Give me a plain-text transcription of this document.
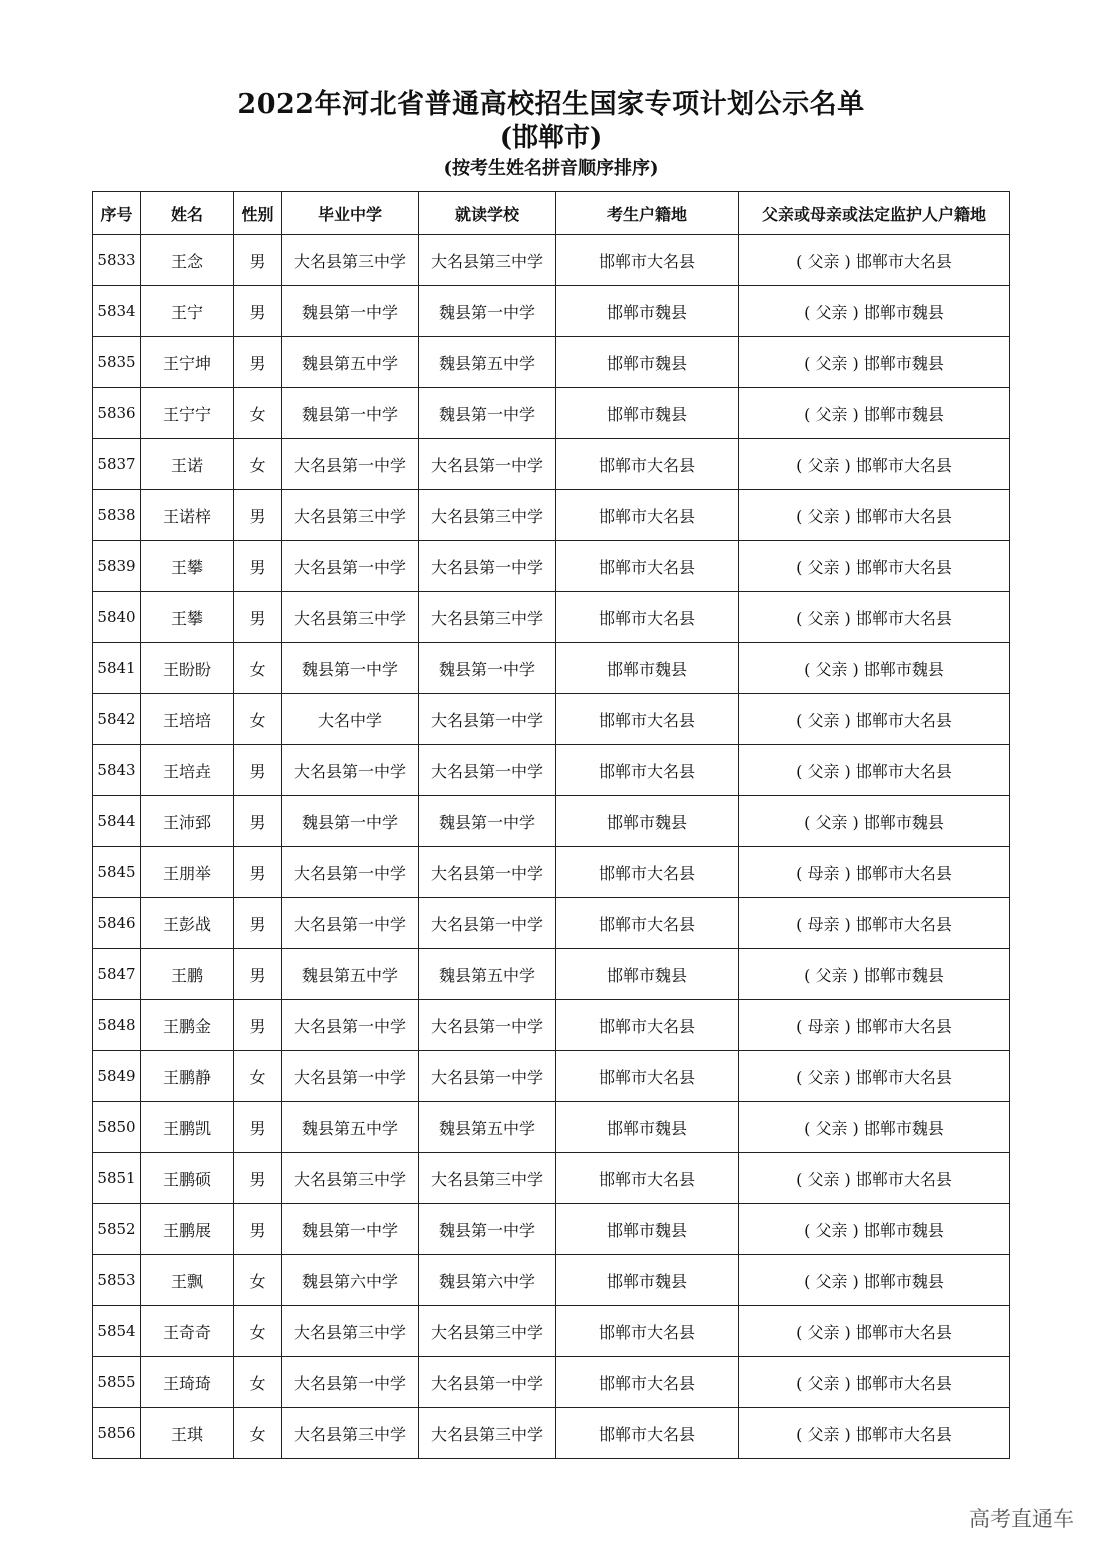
2022年河北省普通高校招生国家专项计划公示名单
(邯郸市)
(按考生姓名拼音顺序排序)
序号	姓名	性别	毕业中学	就读学校	考生户籍地	父亲或母亲或法定监护人户籍地
5833	王念	男	大名县第三中学	大名县第三中学	邯郸市大名县	( 父亲 ) 邯郸市大名县
5834	王宁	男	魏县第一中学	魏县第一中学	邯郸市魏县	( 父亲 ) 邯郸市魏县
5835	王宁坤	男	魏县第五中学	魏县第五中学	邯郸市魏县	( 父亲 ) 邯郸市魏县
5836	王宁宁	女	魏县第一中学	魏县第一中学	邯郸市魏县	( 父亲 ) 邯郸市魏县
5837	王诺	女	大名县第一中学	大名县第一中学	邯郸市大名县	( 父亲 ) 邯郸市大名县
5838	王诺梓	男	大名县第三中学	大名县第三中学	邯郸市大名县	( 父亲 ) 邯郸市大名县
5839	王攀	男	大名县第一中学	大名县第一中学	邯郸市大名县	( 父亲 ) 邯郸市大名县
5840	王攀	男	大名县第三中学	大名县第三中学	邯郸市大名县	( 父亲 ) 邯郸市大名县
5841	王盼盼	女	魏县第一中学	魏县第一中学	邯郸市魏县	( 父亲 ) 邯郸市魏县
5842	王培培	女	大名中学	大名县第一中学	邯郸市大名县	( 父亲 ) 邯郸市大名县
5843	王培垚	男	大名县第一中学	大名县第一中学	邯郸市大名县	( 父亲 ) 邯郸市大名县
5844	王沛郅	男	魏县第一中学	魏县第一中学	邯郸市魏县	( 父亲 ) 邯郸市魏县
5845	王朋举	男	大名县第一中学	大名县第一中学	邯郸市大名县	( 母亲 ) 邯郸市大名县
5846	王彭战	男	大名县第一中学	大名县第一中学	邯郸市大名县	( 母亲 ) 邯郸市大名县
5847	王鹏	男	魏县第五中学	魏县第五中学	邯郸市魏县	( 父亲 ) 邯郸市魏县
5848	王鹏金	男	大名县第一中学	大名县第一中学	邯郸市大名县	( 母亲 ) 邯郸市大名县
5849	王鹏静	女	大名县第一中学	大名县第一中学	邯郸市大名县	( 父亲 ) 邯郸市大名县
5850	王鹏凯	男	魏县第五中学	魏县第五中学	邯郸市魏县	( 父亲 ) 邯郸市魏县
5851	王鹏硕	男	大名县第三中学	大名县第三中学	邯郸市大名县	( 父亲 ) 邯郸市大名县
5852	王鹏展	男	魏县第一中学	魏县第一中学	邯郸市魏县	( 父亲 ) 邯郸市魏县
5853	王飘	女	魏县第六中学	魏县第六中学	邯郸市魏县	( 父亲 ) 邯郸市魏县
5854	王奇奇	女	大名县第三中学	大名县第三中学	邯郸市大名县	( 父亲 ) 邯郸市大名县
5855	王琦琦	女	大名县第一中学	大名县第一中学	邯郸市大名县	( 父亲 ) 邯郸市大名县
5856	王琪	女	大名县第三中学	大名县第三中学	邯郸市大名县	( 父亲 ) 邯郸市大名县
高考直通车
